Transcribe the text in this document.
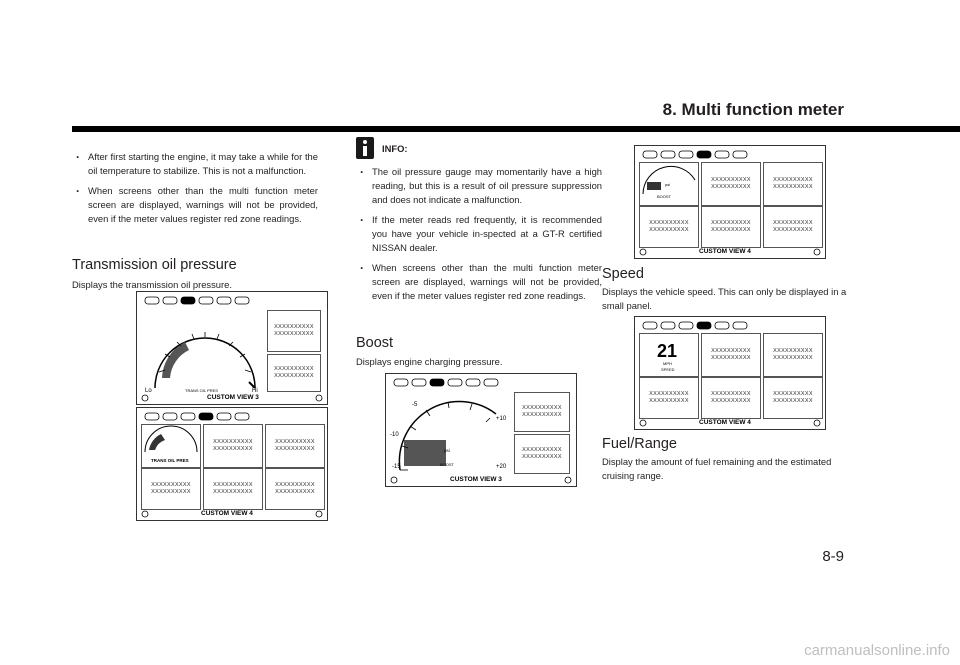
8. Multi function meter
. After first starting the engine, it may take a while for the oil temperature to stabilize. This is not a malfunction.
. When screens other than the multi function meter screen are displayed, warnings will not be provided, even if the meter values register red zone readings.
Transmission oil pressure
Displays the transmission oil pressure.
Lo	Hi
TRANS OIL PRES
CUSTOM VIEW 3
XXXXXXXXXX
XXXXXXXXXX
XXXXXXXXXX
XXXXXXXXXX
TRANS OIL PRES
CUSTOM VIEW 4
XXXXXXXXXX
XXXXXXXXXX
XXXXXXXXXX
XXXXXXXXXX
XXXXXXXXXX
XXXXXXXXXX
XXXXXXXXXX
XXXXXXXXXX
XXXXXXXXXX
XXXXXXXXXX
INFO:
. The oil pressure gauge may momentarily have a high reading, but this is a result of oil pressure suppression and does not indicate a malfunction.
. If the meter reads red frequently, it is recommended you have your vehicle in-spected at a GT-R certified NISSAN dealer.
. When screens other than the multi function meter screen are displayed, warnings will not be provided, even if the meter values register red zone readings.
Boost
Displays engine charging pressure.
-5
-10
-15
+10
+20
psi
BOOST
CUSTOM VIEW 3
XXXXXXXXXX
XXXXXXXXXX
XXXXXXXXXX
XXXXXXXXXX
psi
BOOST
CUSTOM VIEW 4
XXXXXXXXXX
XXXXXXXXXX
XXXXXXXXXX
XXXXXXXXXX
XXXXXXXXXX
XXXXXXXXXX
XXXXXXXXXX
XXXXXXXXXX
XXXXXXXXXX
XXXXXXXXXX
Speed
Displays the vehicle speed. This can only be displayed in a small panel.
21
MPH
SPEED
CUSTOM VIEW 4
XXXXXXXXXX
XXXXXXXXXX
XXXXXXXXXX
XXXXXXXXXX
XXXXXXXXXX
XXXXXXXXXX
XXXXXXXXXX
XXXXXXXXXX
XXXXXXXXXX
XXXXXXXXXX
Fuel/Range
Display the amount of fuel remaining and the estimated cruising range.
8-9
carmanualsonline.info
